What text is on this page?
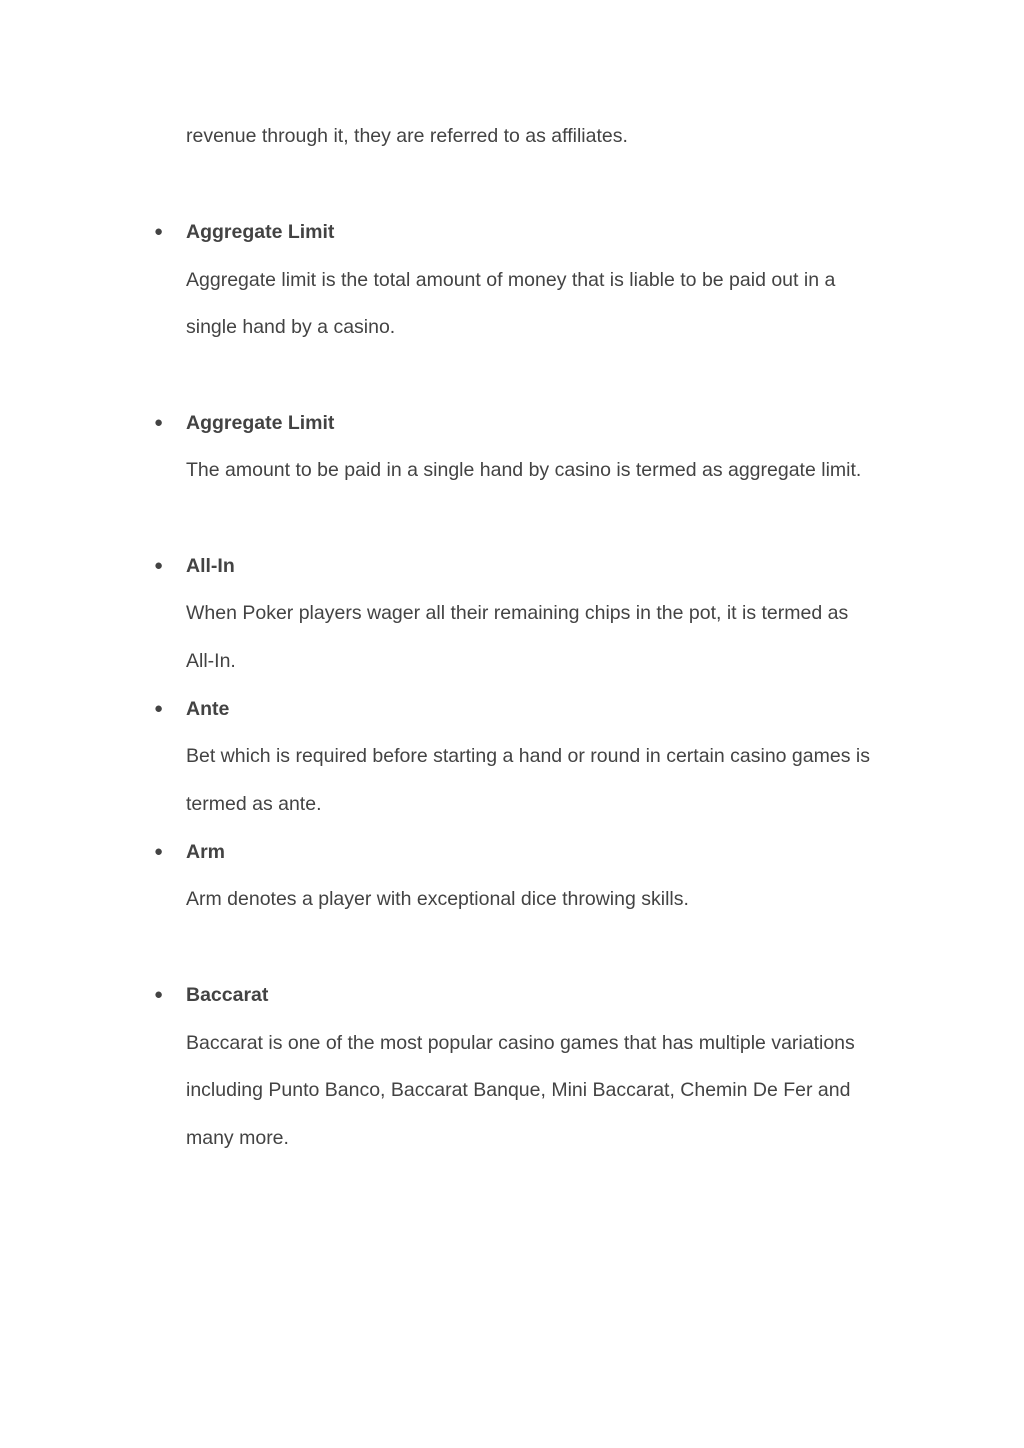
revenue through it, they are referred to as affiliates.
● Aggregate Limit
Aggregate limit is the total amount of money that is liable to be paid out in a
single hand by a casino.
● Aggregate Limit
The amount to be paid in a single hand by casino is termed as aggregate limit.
● All-In
When Poker players wager all their remaining chips in the pot, it is termed as
All-In.
● Ante
Bet which is required before starting a hand or round in certain casino games is
termed as ante.
● Arm
Arm denotes a player with exceptional dice throwing skills.
● Baccarat
Baccarat is one of the most popular casino games that has multiple variations
including Punto Banco, Baccarat Banque, Mini Baccarat, Chemin De Fer and
many more.
